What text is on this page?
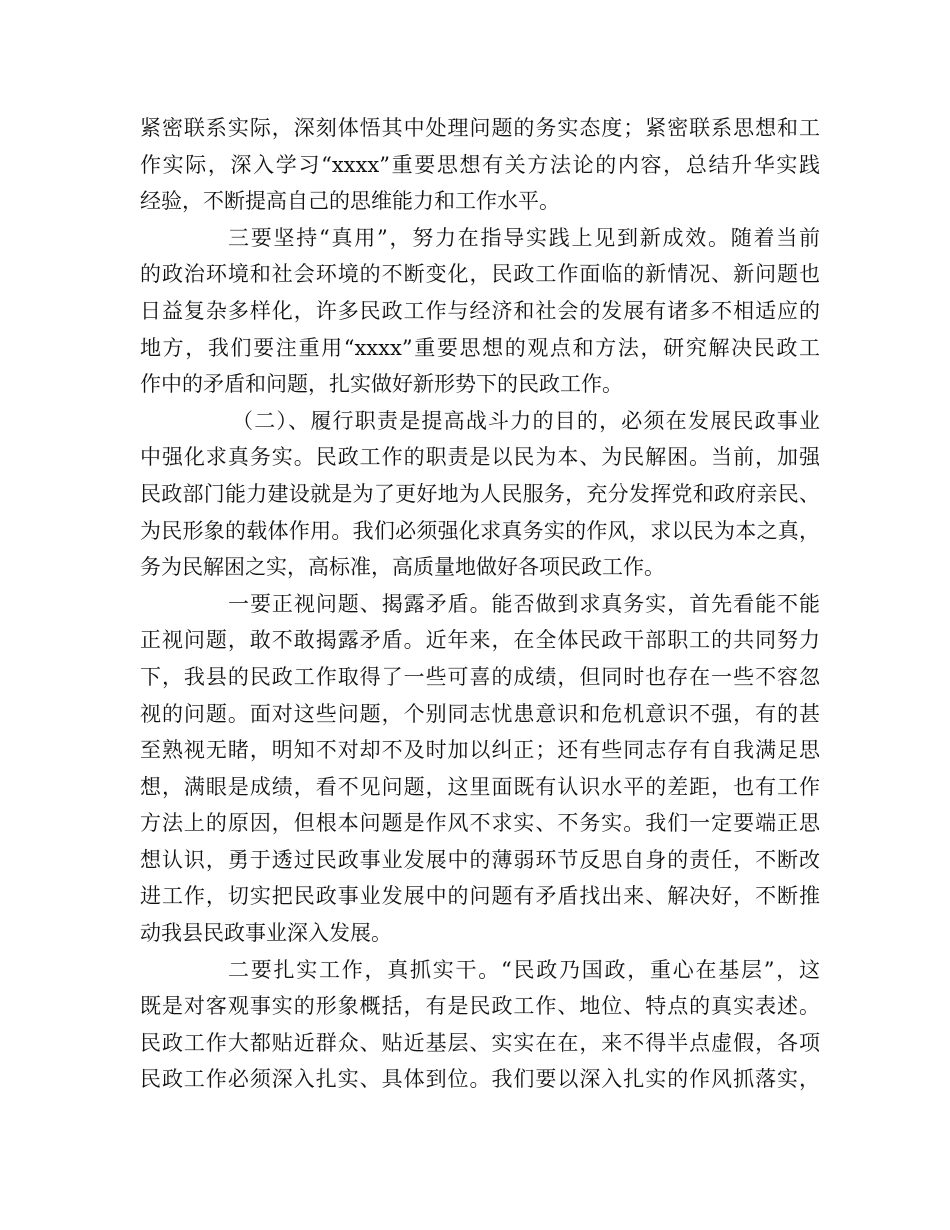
紧密联系实际，深刻体悟其中处理问题的务实态度；紧密联系思想和工
作实际，深入学习“xxxx”重要思想有关方法论的内容，总结升华实践
经验，不断提高自己的思维能力和工作水平。
三要坚持“真用”，努力在指导实践上见到新成效。随着当前
的政治环境和社会环境的不断变化，民政工作面临的新情况、新问题也
日益复杂多样化，许多民政工作与经济和社会的发展有诸多不相适应的
地方，我们要注重用“xxxx”重要思想的观点和方法，研究解决民政工
作中的矛盾和问题，扎实做好新形势下的民政工作。
（二）、履行职责是提高战斗力的目的，必须在发展民政事业
中强化求真务实。民政工作的职责是以民为本、为民解困。当前，加强
民政部门能力建设就是为了更好地为人民服务，充分发挥党和政府亲民、
为民形象的载体作用。我们必须强化求真务实的作风，求以民为本之真，
务为民解困之实，高标准，高质量地做好各项民政工作。
一要正视问题、揭露矛盾。能否做到求真务实，首先看能不能
正视问题，敢不敢揭露矛盾。近年来，在全体民政干部职工的共同努力
下，我县的民政工作取得了一些可喜的成绩，但同时也存在一些不容忽
视的问题。面对这些问题，个别同志忧患意识和危机意识不强，有的甚
至熟视无睹，明知不对却不及时加以纠正；还有些同志存有自我满足思
想，满眼是成绩，看不见问题，这里面既有认识水平的差距，也有工作
方法上的原因，但根本问题是作风不求实、不务实。我们一定要端正思
想认识，勇于透过民政事业发展中的薄弱环节反思自身的责任，不断改
进工作，切实把民政事业发展中的问题有矛盾找出来、解决好，不断推
动我县民政事业深入发展。
二要扎实工作，真抓实干。“民政乃国政，重心在基层”，这
既是对客观事实的形象概括，有是民政工作、地位、特点的真实表述。
民政工作大都贴近群众、贴近基层、实实在在，来不得半点虚假，各项
民政工作必须深入扎实、具体到位。我们要以深入扎实的作风抓落实，
